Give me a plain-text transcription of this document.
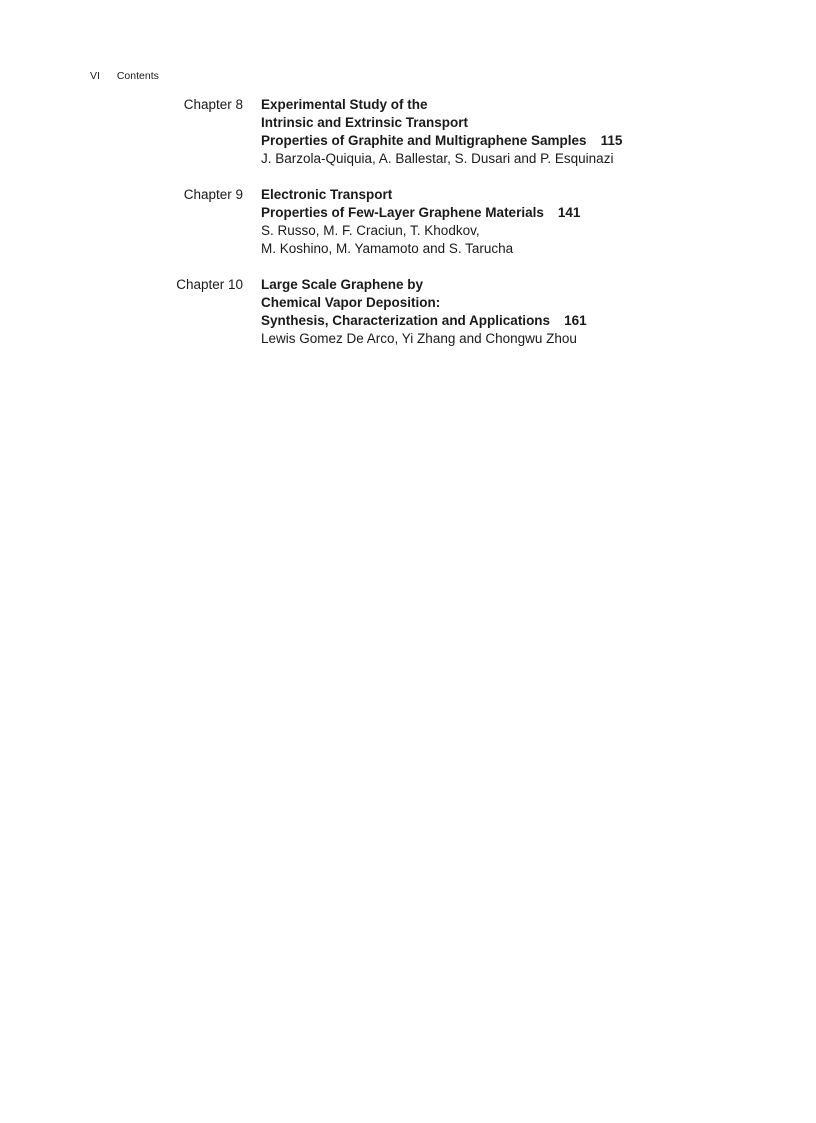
VI Contents
Chapter 8 Experimental Study of the
Intrinsic and Extrinsic Transport
Properties of Graphite and Multigraphene Samples 115
J. Barzola-Quiquia, A. Ballestar, S. Dusari and P. Esquinazi
Chapter 9 Electronic Transport
Properties of Few-Layer Graphene Materials 141
S. Russo, M. F. Craciun, T. Khodkov,
M. Koshino, M. Yamamoto and S. Tarucha
Chapter 10 Large Scale Graphene by
Chemical Vapor Deposition:
Synthesis, Characterization and Applications 161
Lewis Gomez De Arco, Yi Zhang and Chongwu Zhou
